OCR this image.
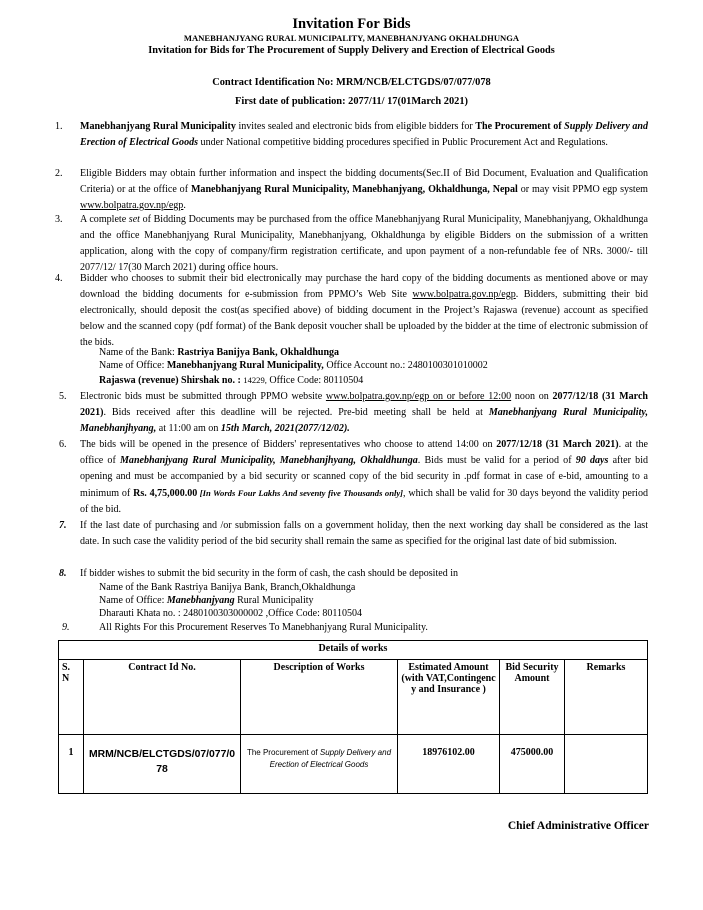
Invitation For Bids
MANEBHANJYANG RURAL MUNICIPALITY, MANEBHANJYANG OKHALDHUNGA
Invitation for Bids for The Procurement of Supply Delivery and Erection of Electrical Goods
Contract Identification No: MRM/NCB/ELCTGDS/07/077/078
First date of publication: 2077/11/ 17(01March 2021)
1. Manebhanjyang Rural Municipality invites sealed and electronic bids from eligible bidders for The Procurement of Supply Delivery and Erection of Electrical Goods under National competitive bidding procedures specified in Public Procurement Act and Regulations.
2. Eligible Bidders may obtain further information and inspect the bidding documents(Sec.II of Bid Document, Evaluation and Qualification Criteria) or at the office of Manebhanjyang Rural Municipality, Manebhanjyang, Okhaldhunga, Nepal or may visit PPMO egp system www.bolpatra.gov.np/egp.
3. A complete set of Bidding Documents may be purchased from the office Manebhanjyang Rural Municipality, Manebhanjyang, Okhaldhunga and the office Manebhanjyang Rural Municipality, Manebhanjyang, Okhaldhunga by eligible Bidders on the submission of a written application, along with the copy of company/firm registration certificate, and upon payment of a non-refundable fee of NRs. 3000/- till 2077/12/ 17(30 March 2021) during office hours.
4. Bidder who chooses to submit their bid electronically may purchase the hard copy of the bidding documents as mentioned above or may download the bidding documents for e-submission from PPMO’s Web Site www.bolpatra.gov.np/egp. Bidders, submitting their bid electronically, should deposit the cost(as specified above) of bidding document in the Project’s Rajaswa (revenue) account as specified below and the scanned copy (pdf format) of the Bank deposit voucher shall be uploaded by the bidder at the time of electronic submission of the bids.
Name of the Bank: Rastriya Banijya Bank, Okhaldhunga
Name of Office: Manebhanjyang Rural Municipality, Office Account no.: 2480100301010002
Rajaswa (revenue) Shirshak no. : 14229, Office Code: 80110504
5. Electronic bids must be submitted through PPMO website www.bolpatra.gov.np/egp on or before 12:00 noon on 2077/12/18 (31 March 2021). Bids received after this deadline will be rejected. Pre-bid meeting shall be held at Manebhanjyang Rural Municipality, Manebhanjhyang, at 11:00 am on 15th March, 2021(2077/12/02).
6. The bids will be opened in the presence of Bidders' representatives who choose to attend 14:00 on 2077/12/18 (31 March 2021). at the office of Manebhanjyang Rural Municipality, Manebhanjhyang, Okhaldhunga. Bids must be valid for a period of 90 days after bid opening and must be accompanied by a bid security or scanned copy of the bid security in .pdf format in case of e-bid, amounting to a minimum of Rs. 4,75,000.00 [In Words Four Lakhs And seventy five Thousands only], which shall be valid for 30 days beyond the validity period of the bid.
7. If the last date of purchasing and /or submission falls on a government holiday, then the next working day shall be considered as the last date. In such case the validity period of the bid security shall remain the same as specified for the original last date of bid submission.
8. If bidder wishes to submit the bid security in the form of cash, the cash should be deposited in
Name of the Bank Rastriya Banijya Bank, Branch,Okhaldhunga
Name of Office: Manebhanjyang Rural Municipality
Dharauti Khata no. : 2480100303000002 ,Office Code: 80110504
9.	All Rights For this Procurement Reserves To Manebhanjyang Rural Municipality.
Details of works					
S.
N	Contract Id No.	Description of Works	Estimated Amount (with VAT,Contingenc y and Insurance )	Bid Security Amount	Remarks
1	MRM/NCB/ELCTGDS/07/077/0 78	The Procurement of Supply Delivery and Erection of Electrical Goods	18976102.00	475000.00	
Chief Administrative Officer
